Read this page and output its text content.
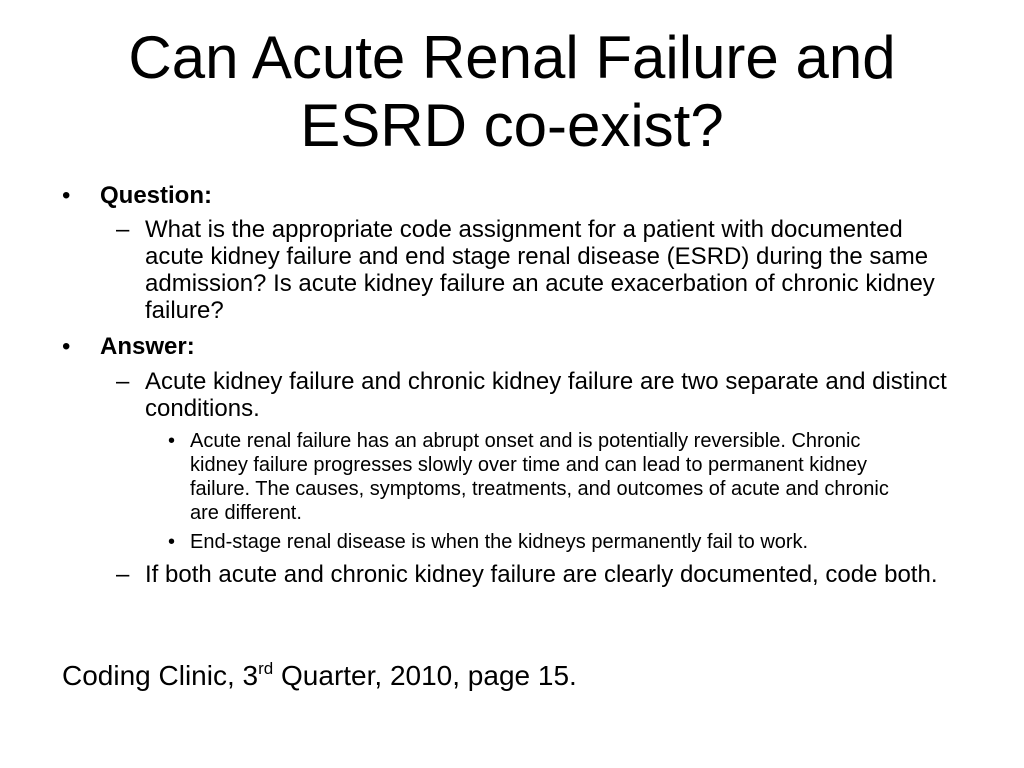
Can Acute Renal Failure and
ESRD co-exist?
• Question:
– What is the appropriate code assignment for a patient with documented acute kidney failure and end stage renal disease (ESRD) during the same admission? Is acute kidney failure an acute exacerbation of chronic kidney failure?
• Answer:
– Acute kidney failure and chronic kidney failure are two separate and distinct conditions.
• Acute renal failure has an abrupt onset and is potentially reversible. Chronic kidney failure progresses slowly over time and can lead to permanent kidney failure. The causes, symptoms, treatments, and outcomes of acute and chronic are different.
• End-stage renal disease is when the kidneys permanently fail to work.
– If both acute and chronic kidney failure are clearly documented, code both.
Coding Clinic, 3rd Quarter, 2010, page 15.
